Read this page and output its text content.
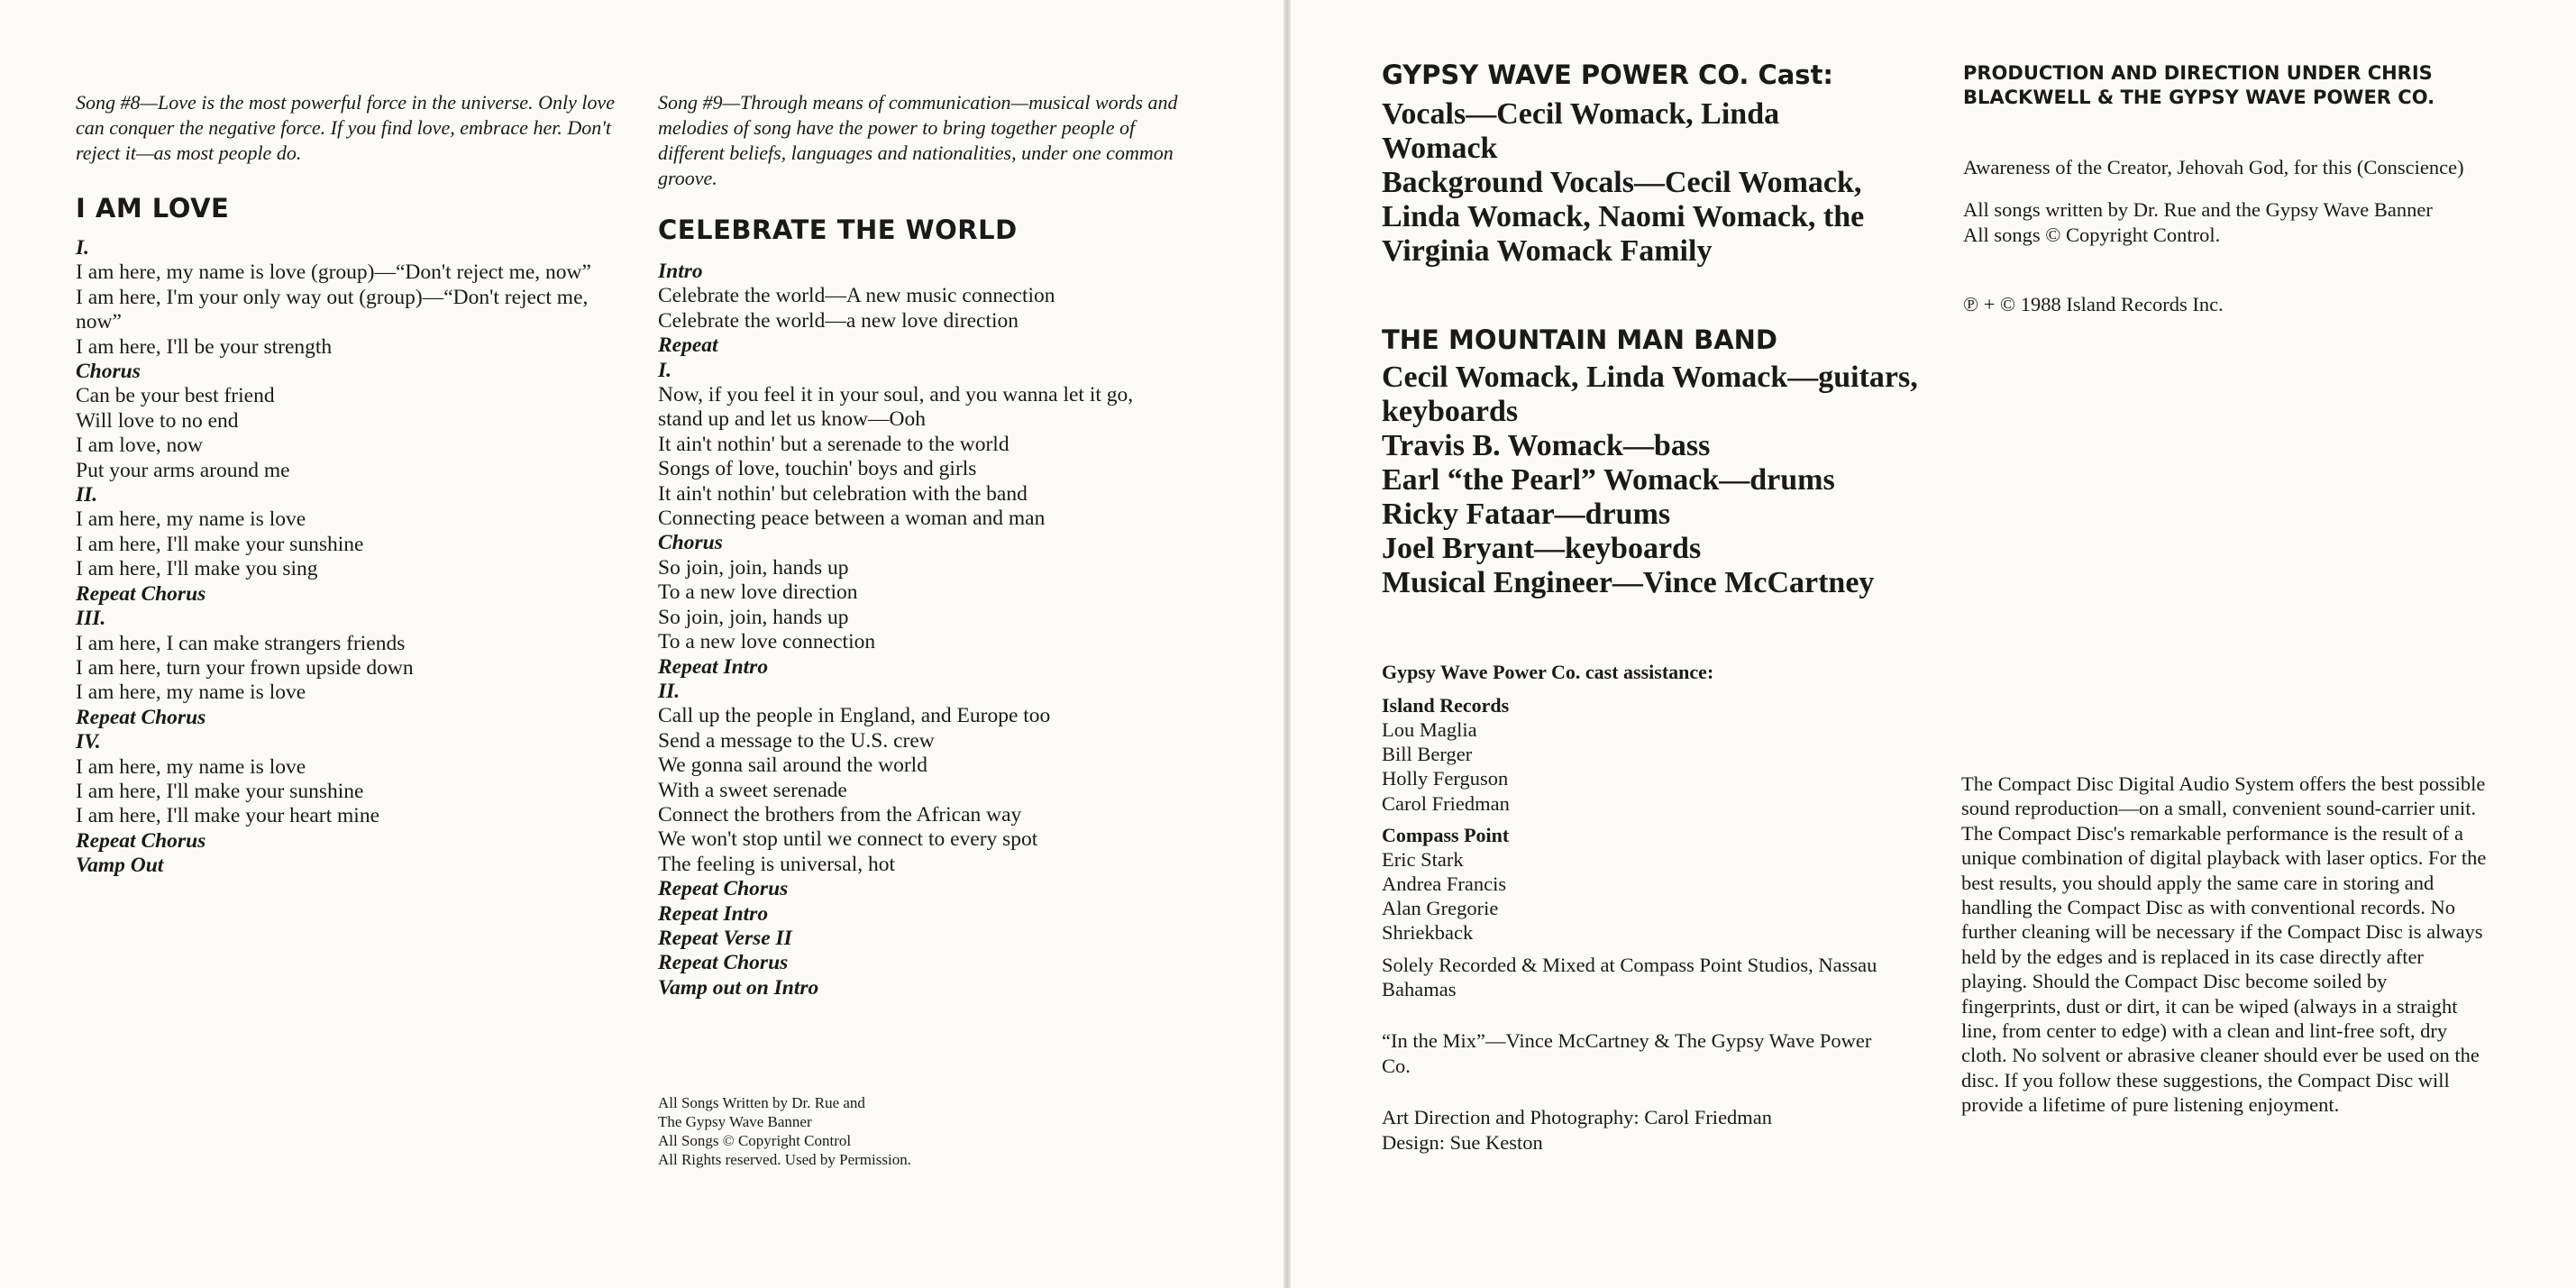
Song #8—Love is the most powerful force in the universe. Only love can conquer the negative force. If you find love, embrace her. Don't reject it—as most people do.

I AM LOVE
I.
I am here, my name is love (group)—“Don't reject me, now”
I am here, I'm your only way out (group)—“Don't reject me, now”
I am here, I'll be your strength
Chorus
Can be your best friend
Will love to no end
I am love, now
Put your arms around me
II.
I am here, my name is love
I am here, I'll make your sunshine
I am here, I'll make you sing
Repeat Chorus
III.
I am here, I can make strangers friends
I am here, turn your frown upside down
I am here, my name is love
Repeat Chorus
IV.
I am here, my name is love
I am here, I'll make your sunshine
I am here, I'll make your heart mine
Repeat Chorus
Vamp Out

Song #9—Through means of communication—musical words and melodies of song have the power to bring together people of different beliefs, languages and nationalities, under one common groove.

CELEBRATE THE WORLD
Intro
Celebrate the world—A new music connection
Celebrate the world—a new love direction
Repeat
I.
Now, if you feel it in your soul, and you wanna let it go, stand up and let us know—Ooh
It ain't nothin' but a serenade to the world
Songs of love, touchin' boys and girls
It ain't nothin' but celebration with the band
Connecting peace between a woman and man
Chorus
So join, join, hands up
To a new love direction
So join, join, hands up
To a new love connection
Repeat Intro
II.
Call up the people in England, and Europe too
Send a message to the U.S. crew
We gonna sail around the world
With a sweet serenade
Connect the brothers from the African way
We won't stop until we connect to every spot
The feeling is universal, hot
Repeat Chorus
Repeat Intro
Repeat Verse II
Repeat Chorus
Vamp out on Intro

All Songs Written by Dr. Rue and

The Gypsy Wave Banner

All Songs © Copyright Control

All Rights reserved. Used by Permission.

GYPSY WAVE POWER CO. Cast:
Vocals—Cecil Womack, Linda Womack
Background Vocals—Cecil Womack, Linda Womack, Naomi Womack, the Virginia Womack Family
THE MOUNTAIN MAN BAND
Cecil Womack, Linda Womack—guitars, keyboards
Travis B. Womack—bass
Earl “the Pearl” Womack—drums
Ricky Fataar—drums
Joel Bryant—keyboards
Musical Engineer—Vince McCartney

Gypsy Wave Power Co. cast assistance:

Island Records

Lou Maglia
Bill Berger
Holly Ferguson
Carol Friedman

Compass Point

Eric Stark
Andrea Francis
Alan Gregorie
Shriekback

Solely Recorded & Mixed at Compass Point Studios, Nassau Bahamas

“In the Mix”—Vince McCartney & The Gypsy Wave Power Co.

Art Direction and Photography: Carol Friedman

Design: Sue Keston

PRODUCTION AND DIRECTION UNDER CHRIS BLACKWELL & THE GYPSY WAVE POWER CO.

Awareness of the Creator, Jehovah God, for this (Conscience)

All songs written by Dr. Rue and the Gypsy Wave Banner

All songs © Copyright Control.

℗ + © 1988 Island Records Inc.

The Compact Disc Digital Audio System offers the best possible sound reproduction—on a small, convenient sound-carrier unit. The Compact Disc's remarkable performance is the result of a unique combination of digital playback with laser optics. For the best results, you should apply the same care in storing and handling the Compact Disc as with conventional records. No further cleaning will be necessary if the Compact Disc is always held by the edges and is replaced in its case directly after playing. Should the Compact Disc become soiled by fingerprints, dust or dirt, it can be wiped (always in a straight line, from center to edge) with a clean and lint-free soft, dry cloth. No solvent or abrasive cleaner should ever be used on the disc. If you follow these suggestions, the Compact Disc will provide a lifetime of pure listening enjoyment.
